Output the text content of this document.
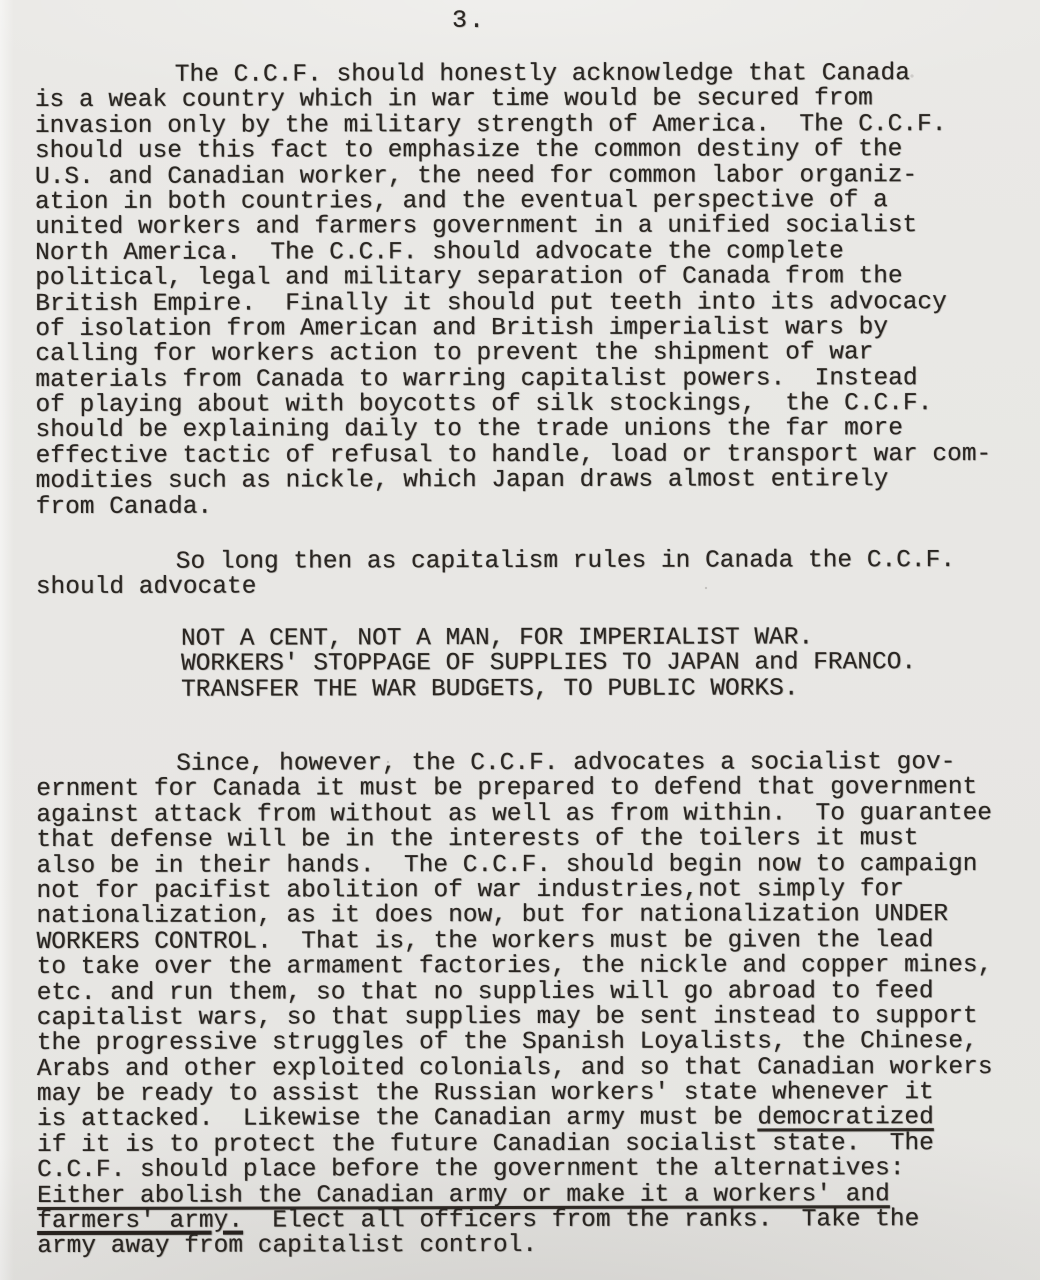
3.
The C.C.F. should honestly acknowledge that Canada
is a weak country which in war time would be secured from
invasion only by the military strength of America.  The C.C.F.
should use this fact to emphasize the common destiny of the
U.S. and Canadian worker, the need for common labor organiz-
ation in both countries, and the eventual perspective of a
united workers and farmers government in a unified socialist
North America.  The C.C.F. should advocate the complete
political, legal and military separation of Canada from the
British Empire.  Finally it should put teeth into its advocacy
of isolation from American and British imperialist wars by
calling for workers action to prevent the shipment of war
materials from Canada to warring capitalist powers.  Instead
of playing about with boycotts of silk stockings,  the C.C.F.
should be explaining daily to the trade unions the far more
effective tactic of refusal to handle, load or transport war com-
modities such as nickle, which Japan draws almost entirely
from Canada.
So long then as capitalism rules in Canada the C.C.F.
should advocate
NOT A CENT, NOT A MAN, FOR IMPERIALIST WAR.
WORKERS' STOPPAGE OF SUPPLIES TO JAPAN and FRANCO.
TRANSFER THE WAR BUDGETS, TO PUBLIC WORKS.
Since, however, the C.C.F. advocates a socialist gov-
ernment for Canada it must be prepared to defend that government
against attack from without as well as from within.  To guarantee
that defense will be in the interests of the toilers it must
also be in their hands.  The C.C.F. should begin now to campaign
not for pacifist abolition of war industries,not simply for
nationalization, as it does now, but for nationalization UNDER
WORKERS CONTROL.  That is, the workers must be given the lead
to take over the armament factories, the nickle and copper mines,
etc. and run them, so that no supplies will go abroad to feed
capitalist wars, so that supplies may be sent instead to support
the progressive struggles of the Spanish Loyalists, the Chinese,
Arabs and other exploited colonials, and so that Canadian workers
may be ready to assist the Russian workers' state whenever it
is attacked.  Likewise the Canadian army must be democratized
if it is to protect the future Canadian socialist state.  The
C.C.F. should place before the government the alternatives:
Either abolish the Canadian army or make it a workers' and
farmers' army.  Elect all officers from the ranks.  Take the
army away from capitalist control.
